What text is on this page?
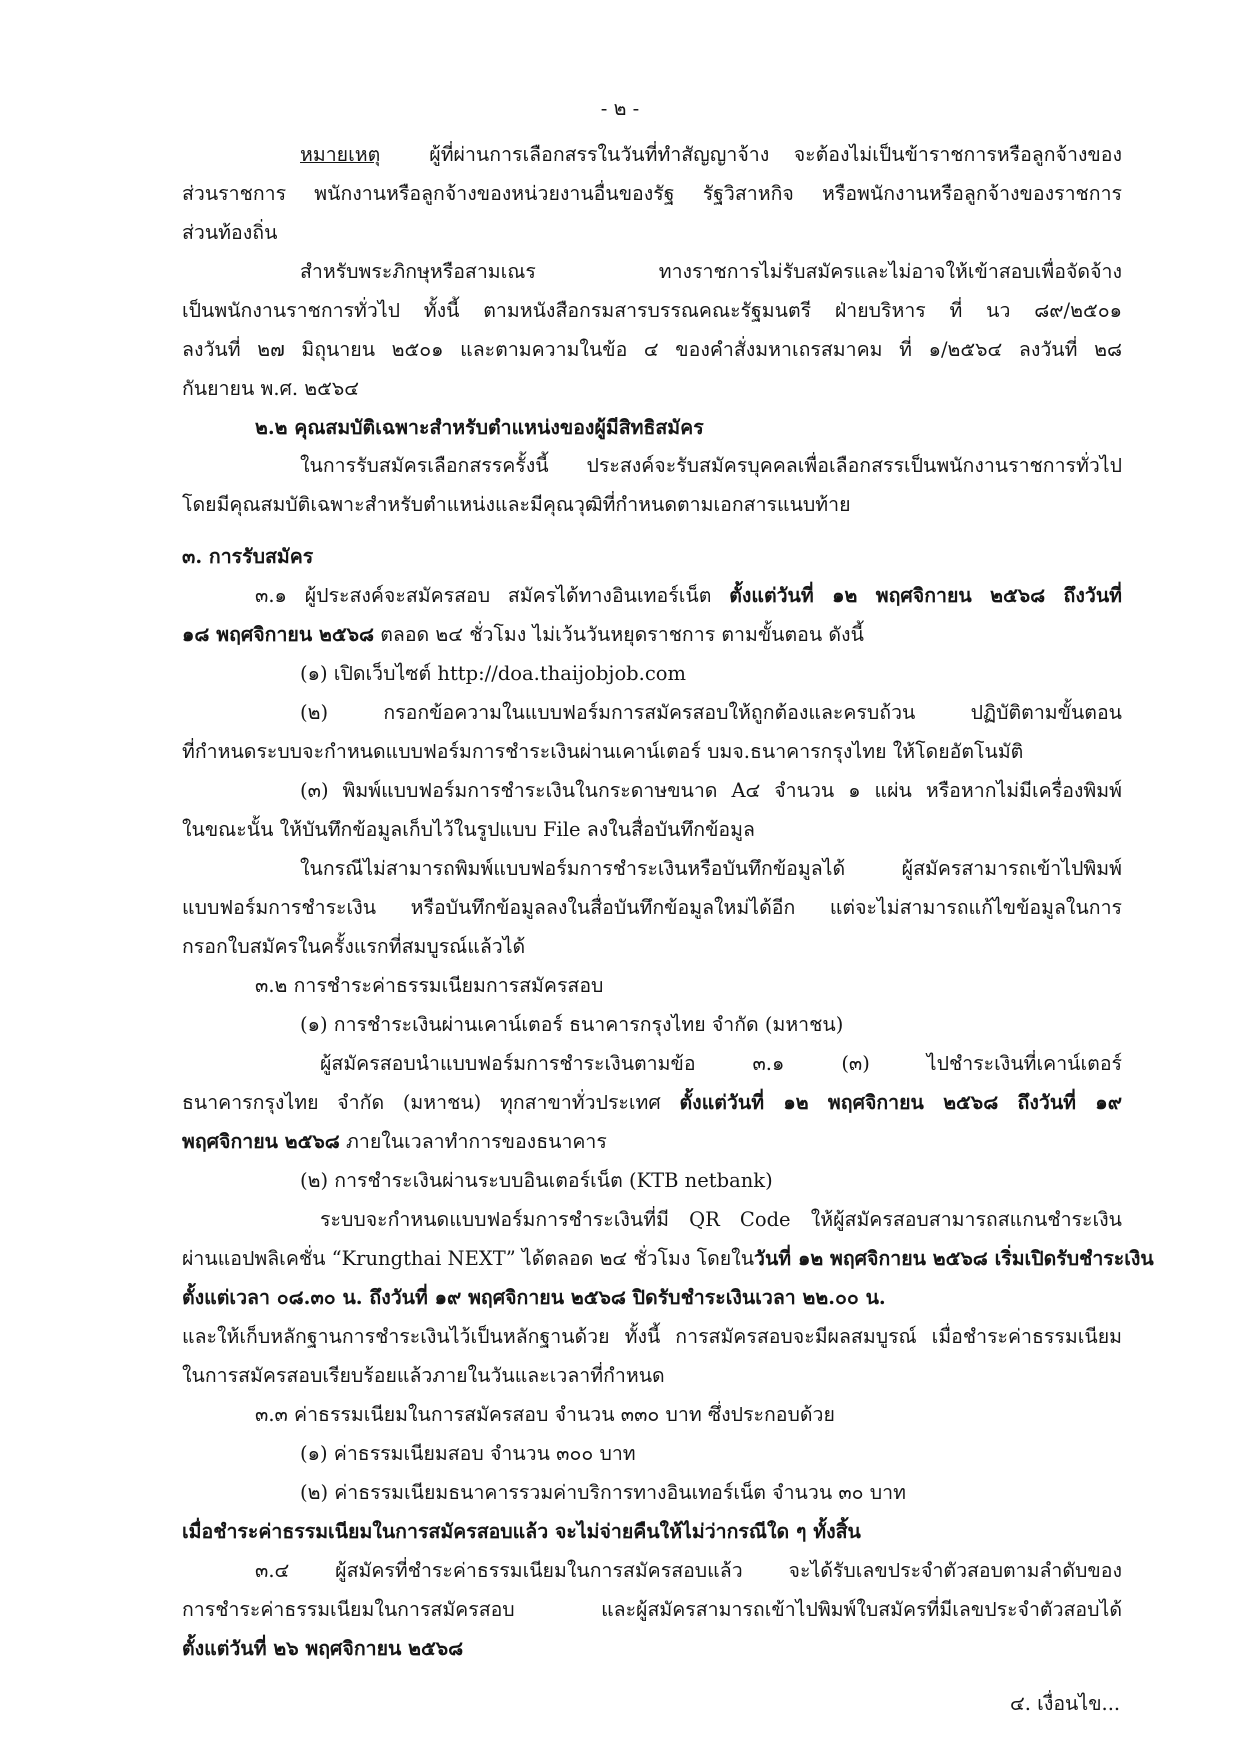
- ๒ -
หมายเหตุ	ผู้ที่ผ่านการเลือกสรรในวันที่ทำสัญญาจ้าง จะต้องไม่เป็นข้าราชการหรือลูกจ้างของ
ส่วนราชการ พนักงานหรือลูกจ้างของหน่วยงานอื่นของรัฐ รัฐวิสาหกิจ หรือพนักงานหรือลูกจ้างของราชการ
ส่วนท้องถิ่น
สำหรับพระภิกษุหรือสามเณร ทางราชการไม่รับสมัครและไม่อาจให้เข้าสอบเพื่อจัดจ้าง
เป็นพนักงานราชการทั่วไป ทั้งนี้ ตามหนังสือกรมสารบรรณคณะรัฐมนตรี ฝ่ายบริหาร ที่ นว ๘๙/๒๕๐๑
ลงวันที่ ๒๗ มิถุนายน ๒๕๐๑ และตามความในข้อ ๔ ของคำสั่งมหาเถรสมาคม ที่ ๑/๒๕๖๔ ลงวันที่ ๒๘
กันยายน พ.ศ. ๒๕๖๔
๒.๒ คุณสมบัติเฉพาะสำหรับตำแหน่งของผู้มีสิทธิสมัคร
ในการรับสมัครเลือกสรรครั้งนี้ ประสงค์จะรับสมัครบุคคลเพื่อเลือกสรรเป็นพนักงานราชการทั่วไป
โดยมีคุณสมบัติเฉพาะสำหรับตำแหน่งและมีคุณวุฒิที่กำหนดตามเอกสารแนบท้าย
๓. การรับสมัคร
๓.๑ ผู้ประสงค์จะสมัครสอบ สมัครได้ทางอินเทอร์เน็ต ตั้งแต่วันที่ ๑๒ พฤศจิกายน ๒๕๖๘ ถึงวันที่
๑๘ พฤศจิกายน ๒๕๖๘ ตลอด ๒๔ ชั่วโมง ไม่เว้นวันหยุดราชการ ตามขั้นตอน ดังนี้
(๑) เปิดเว็บไซต์ http://doa.thaijobjob.com
(๒) กรอกข้อความในแบบฟอร์มการสมัครสอบให้ถูกต้องและครบถ้วน ปฏิบัติตามขั้นตอน
ที่กำหนดระบบจะกำหนดแบบฟอร์มการชำระเงินผ่านเคาน์เตอร์ บมจ.ธนาคารกรุงไทย ให้โดยอัตโนมัติ
(๓) พิมพ์แบบฟอร์มการชำระเงินในกระดาษขนาด A๔ จำนวน ๑ แผ่น หรือหากไม่มีเครื่องพิมพ์
ในขณะนั้น ให้บันทึกข้อมูลเก็บไว้ในรูปแบบ File ลงในสื่อบันทึกข้อมูล
ในกรณีไม่สามารถพิมพ์แบบฟอร์มการชำระเงินหรือบันทึกข้อมูลได้ ผู้สมัครสามารถเข้าไปพิมพ์
แบบฟอร์มการชำระเงิน หรือบันทึกข้อมูลลงในสื่อบันทึกข้อมูลใหม่ได้อีก แต่จะไม่สามารถแก้ไขข้อมูลในการ
กรอกใบสมัครในครั้งแรกที่สมบูรณ์แล้วได้
๓.๒ การชำระค่าธรรมเนียมการสมัครสอบ
(๑) การชำระเงินผ่านเคาน์เตอร์ ธนาคารกรุงไทย จำกัด (มหาชน)
ผู้สมัครสอบนำแบบฟอร์มการชำระเงินตามข้อ ๓.๑ (๓) ไปชำระเงินที่เคาน์เตอร์
ธนาคารกรุงไทย จำกัด (มหาชน) ทุกสาขาทั่วประเทศ ตั้งแต่วันที่ ๑๒ พฤศจิกายน ๒๕๖๘ ถึงวันที่ ๑๙
พฤศจิกายน ๒๕๖๘ ภายในเวลาทำการของธนาคาร
(๒) การชำระเงินผ่านระบบอินเตอร์เน็ต (KTB netbank)
ระบบจะกำหนดแบบฟอร์มการชำระเงินที่มี QR Code ให้ผู้สมัครสอบสามารถสแกนชำระเงิน
ผ่านแอปพลิเคชั่น “Krungthai NEXT” ได้ตลอด ๒๔ ชั่วโมง โดยในวันที่ ๑๒ พฤศจิกายน ๒๕๖๘ เริ่มเปิดรับชำระเงิน
ตั้งแต่เวลา ๐๘.๓๐ น. ถึงวันที่ ๑๙ พฤศจิกายน ๒๕๖๘ ปิดรับชำระเงินเวลา ๒๒.๐๐ น.
และให้เก็บหลักฐานการชำระเงินไว้เป็นหลักฐานด้วย ทั้งนี้ การสมัครสอบจะมีผลสมบูรณ์ เมื่อชำระค่าธรรมเนียม
ในการสมัครสอบเรียบร้อยแล้วภายในวันและเวลาที่กำหนด
๓.๓ ค่าธรรมเนียมในการสมัครสอบ จำนวน ๓๓๐ บาท ซึ่งประกอบด้วย
(๑) ค่าธรรมเนียมสอบ จำนวน ๓๐๐ บาท
(๒) ค่าธรรมเนียมธนาคารรวมค่าบริการทางอินเทอร์เน็ต จำนวน ๓๐ บาท
เมื่อชำระค่าธรรมเนียมในการสมัครสอบแล้ว จะไม่จ่ายคืนให้ไม่ว่ากรณีใด ๆ ทั้งสิ้น
๓.๔ ผู้สมัครที่ชำระค่าธรรมเนียมในการสมัครสอบแล้ว จะได้รับเลขประจำตัวสอบตามลำดับของ
การชำระค่าธรรมเนียมในการสมัครสอบ และผู้สมัครสามารถเข้าไปพิมพ์ใบสมัครที่มีเลขประจำตัวสอบได้
ตั้งแต่วันที่ ๒๖ พฤศจิกายน ๒๕๖๘
๔. เงื่อนไข...
